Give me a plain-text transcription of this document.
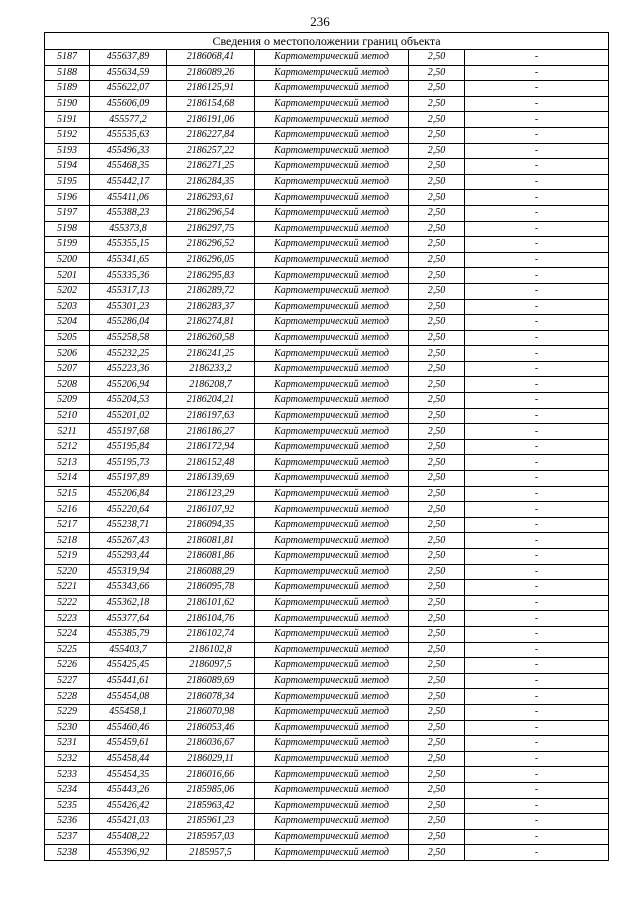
236
Сведения о местоположении границ объекта					
5187	455637,89	2186068,41	Картометрический метод	2,50	-
5188	455634,59	2186089,26	Картометрический метод	2,50	-
5189	455622,07	2186125,91	Картометрический метод	2,50	-
5190	455606,09	2186154,68	Картометрический метод	2,50	-
5191	455577,2	2186191,06	Картометрический метод	2,50	-
5192	455535,63	2186227,84	Картометрический метод	2,50	-
5193	455496,33	2186257,22	Картометрический метод	2,50	-
5194	455468,35	2186271,25	Картометрический метод	2,50	-
5195	455442,17	2186284,35	Картометрический метод	2,50	-
5196	455411,06	2186293,61	Картометрический метод	2,50	-
5197	455388,23	2186296,54	Картометрический метод	2,50	-
5198	455373,8	2186297,75	Картометрический метод	2,50	-
5199	455355,15	2186296,52	Картометрический метод	2,50	-
5200	455341,65	2186296,05	Картометрический метод	2,50	-
5201	455335,36	2186295,83	Картометрический метод	2,50	-
5202	455317,13	2186289,72	Картометрический метод	2,50	-
5203	455301,23	2186283,37	Картометрический метод	2,50	-
5204	455286,04	2186274,81	Картометрический метод	2,50	-
5205	455258,58	2186260,58	Картометрический метод	2,50	-
5206	455232,25	2186241,25	Картометрический метод	2,50	-
5207	455223,36	2186233,2	Картометрический метод	2,50	-
5208	455206,94	2186208,7	Картометрический метод	2,50	-
5209	455204,53	2186204,21	Картометрический метод	2,50	-
5210	455201,02	2186197,63	Картометрический метод	2,50	-
5211	455197,68	2186186,27	Картометрический метод	2,50	-
5212	455195,84	2186172,94	Картометрический метод	2,50	-
5213	455195,73	2186152,48	Картометрический метод	2,50	-
5214	455197,89	2186139,69	Картометрический метод	2,50	-
5215	455206,84	2186123,29	Картометрический метод	2,50	-
5216	455220,64	2186107,92	Картометрический метод	2,50	-
5217	455238,71	2186094,35	Картометрический метод	2,50	-
5218	455267,43	2186081,81	Картометрический метод	2,50	-
5219	455293,44	2186081,86	Картометрический метод	2,50	-
5220	455319,94	2186088,29	Картометрический метод	2,50	-
5221	455343,66	2186095,78	Картометрический метод	2,50	-
5222	455362,18	2186101,62	Картометрический метод	2,50	-
5223	455377,64	2186104,76	Картометрический метод	2,50	-
5224	455385,79	2186102,74	Картометрический метод	2,50	-
5225	455403,7	2186102,8	Картометрический метод	2,50	-
5226	455425,45	2186097,5	Картометрический метод	2,50	-
5227	455441,61	2186089,69	Картометрический метод	2,50	-
5228	455454,08	2186078,34	Картометрический метод	2,50	-
5229	455458,1	2186070,98	Картометрический метод	2,50	-
5230	455460,46	2186053,46	Картометрический метод	2,50	-
5231	455459,61	2186036,67	Картометрический метод	2,50	-
5232	455458,44	2186029,11	Картометрический метод	2,50	-
5233	455454,35	2186016,66	Картометрический метод	2,50	-
5234	455443,26	2185985,06	Картометрический метод	2,50	-
5235	455426,42	2185963,42	Картометрический метод	2,50	-
5236	455421,03	2185961,23	Картометрический метод	2,50	-
5237	455408,22	2185957,03	Картометрический метод	2,50	-
5238	455396,92	2185957,5	Картометрический метод	2,50	-
